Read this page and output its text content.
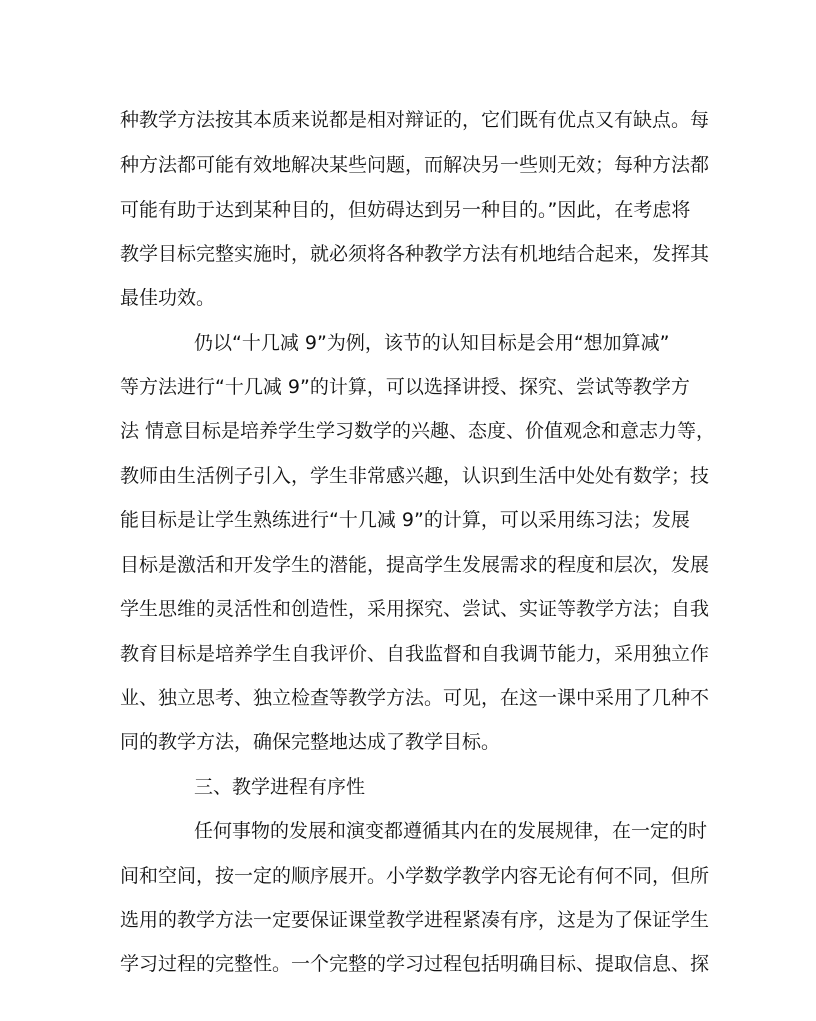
种教学方法按其本质来说都是相对辩证的，它们既有优点又有缺点。每

种方法都可能有效地解决某些问题，而解决另一些则无效；每种方法都

可能有助于达到某种目的，但妨碍达到另一种目的。”因此，在考虑将

教学目标完整实施时，就必须将各种教学方法有机地结合起来，发挥其

最佳功效。

仍以“十几减 9”为例，该节的认知目标是会用“想加算减”

等方法进行“十几减 9”的计算，可以选择讲授、探究、尝试等教学方

法 情意目标是培养学生学习数学的兴趣、态度、价值观念和意志力等，

教师由生活例子引入，学生非常感兴趣，认识到生活中处处有数学；技

能目标是让学生熟练进行“十几减 9”的计算，可以采用练习法；发展

目标是激活和开发学生的潜能，提高学生发展需求的程度和层次，发展

学生思维的灵活性和创造性，采用探究、尝试、实证等教学方法；自我

教育目标是培养学生自我评价、自我监督和自我调节能力，采用独立作

业、独立思考、独立检查等教学方法。可见，在这一课中采用了几种不

同的教学方法，确保完整地达成了教学目标。

三、教学进程有序性

任何事物的发展和演变都遵循其内在的发展规律，在一定的时

间和空间，按一定的顺序展开。小学数学教学内容无论有何不同，但所

选用的教学方法一定要保证课堂教学进程紧凑有序，这是为了保证学生

学习过程的完整性。一个完整的学习过程包括明确目标、提取信息、探
